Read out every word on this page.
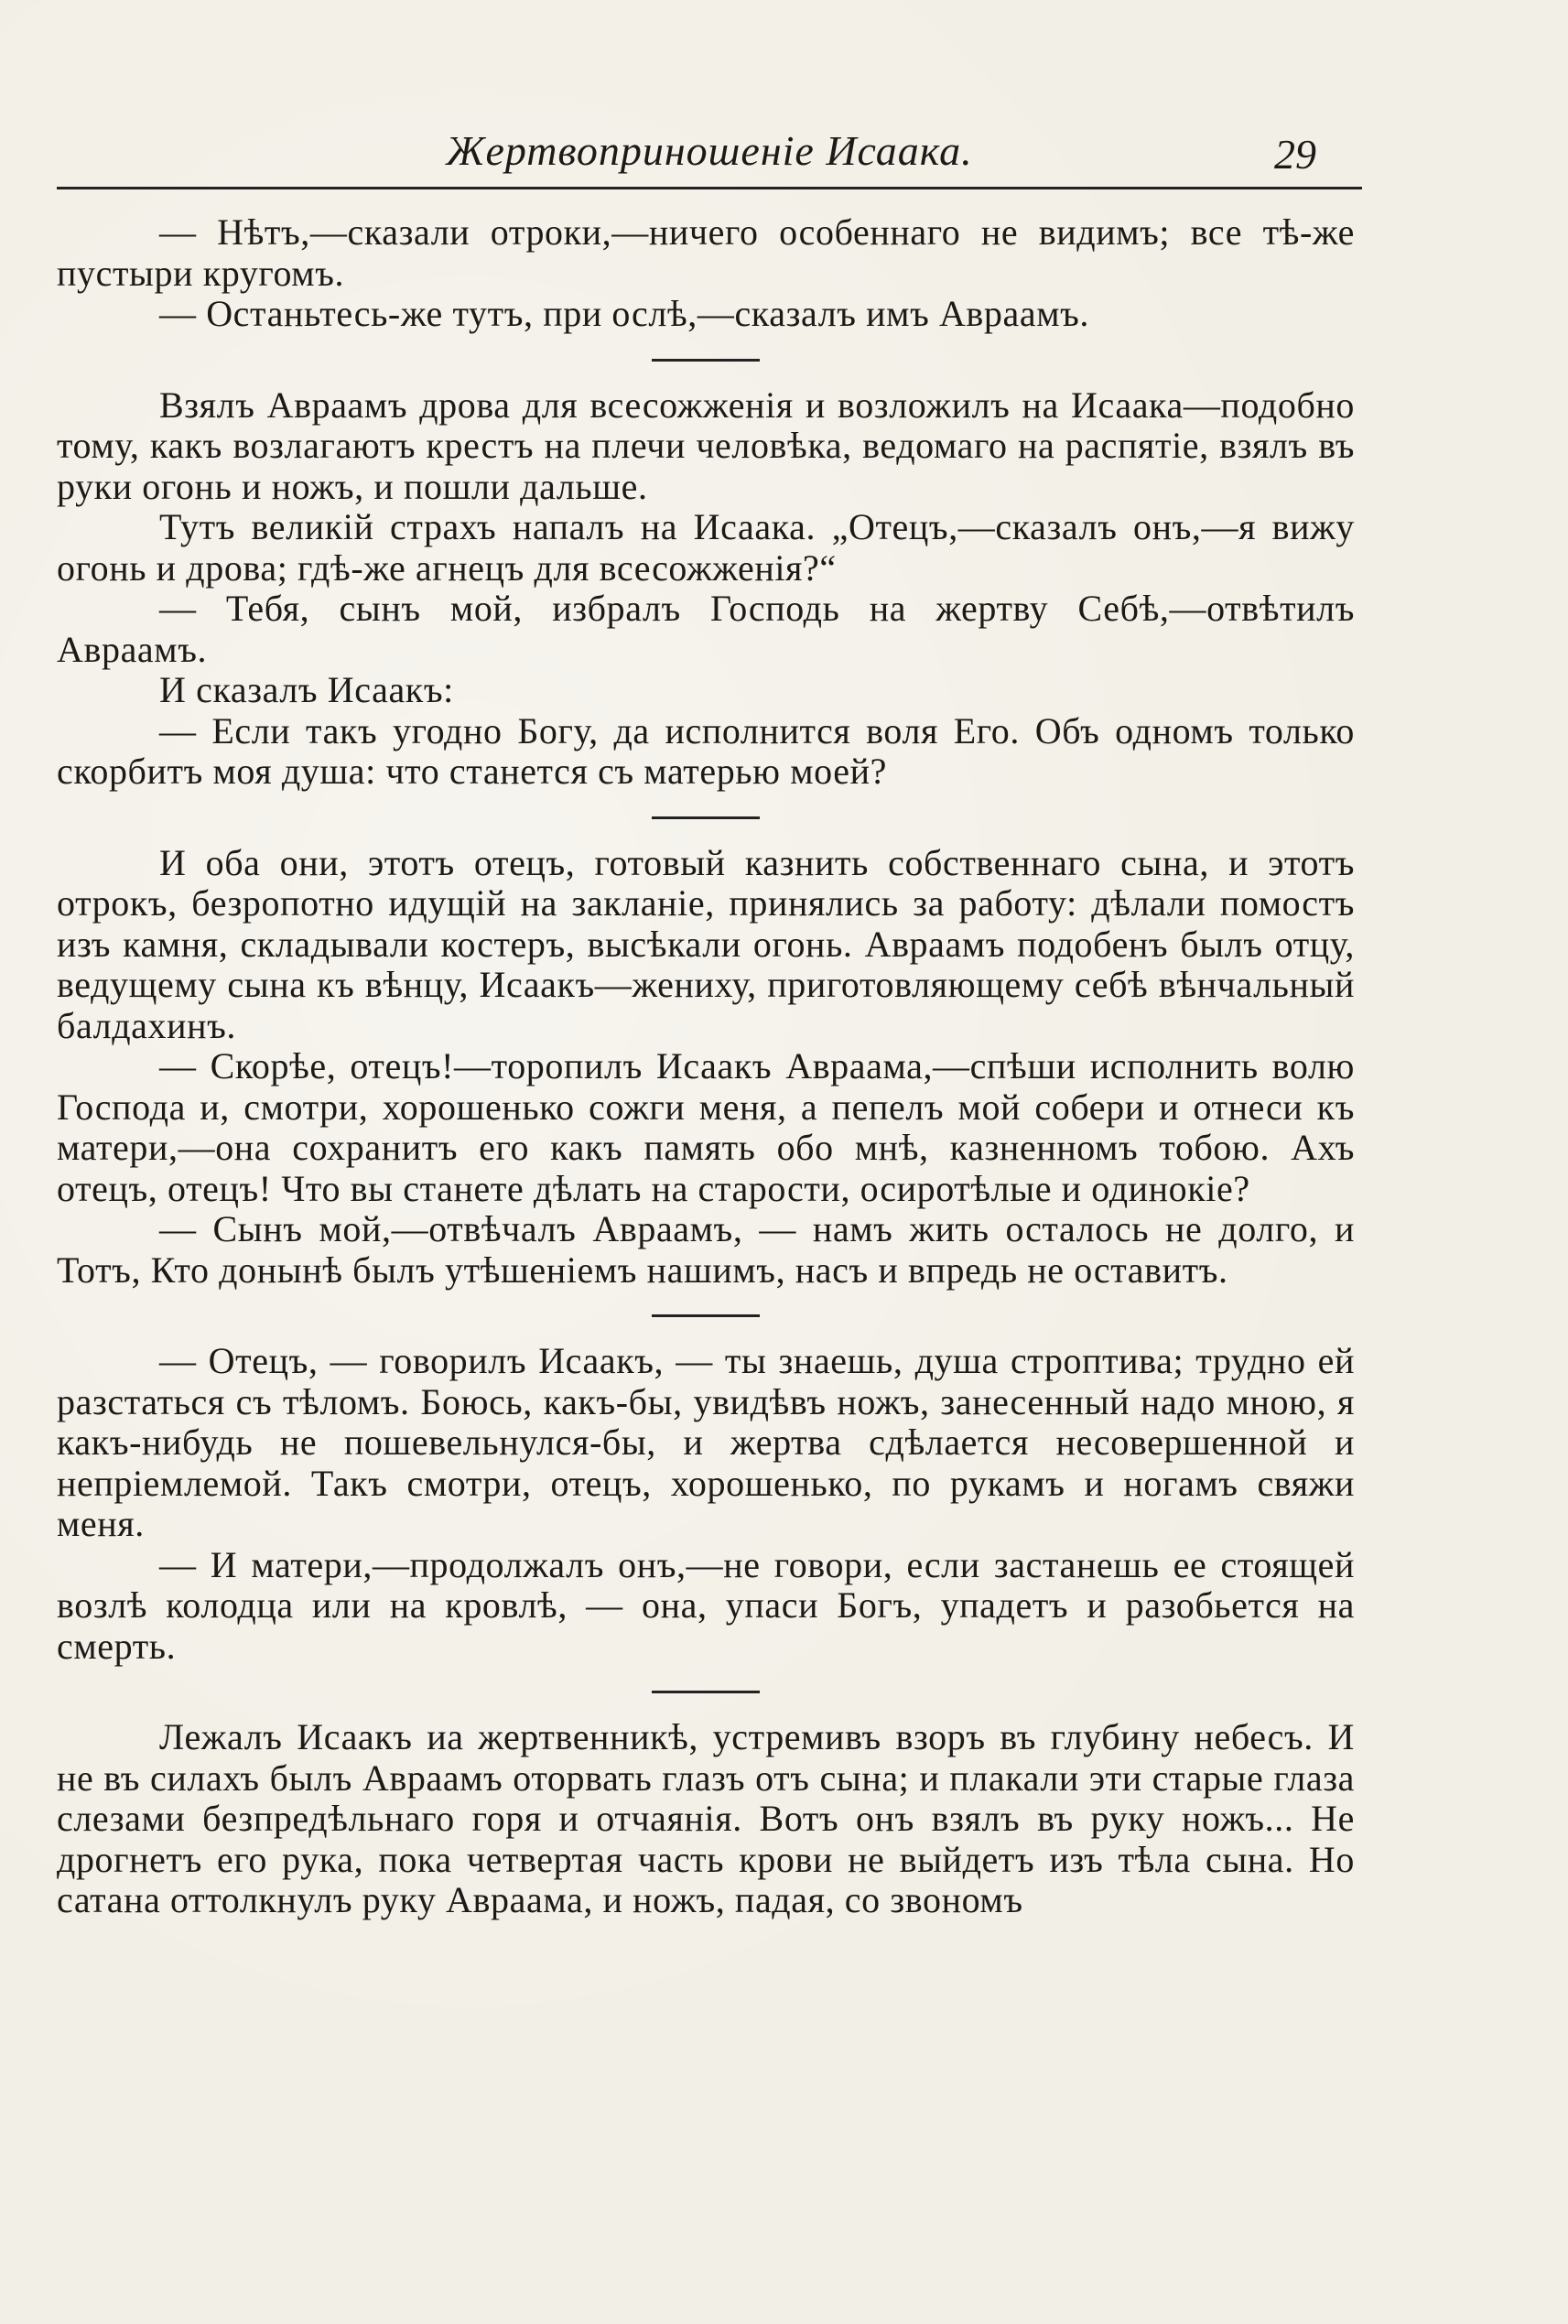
Жертвоприношеніе Исаака.	29

— Нѣтъ,—сказали отроки,—ничего особеннаго не видимъ; все тѣ-же пустыри кругомъ.

— Останьтесь-же тутъ, при ослѣ,—сказалъ имъ Авраамъ.

Взялъ Авраамъ дрова для всесожженія и возложилъ на Исаака—подобно тому, какъ возлагаютъ крестъ на плечи человѣка, ведомаго на распятіе, взялъ въ руки огонь и ножъ, и пошли дальше.

Тутъ великій страхъ напалъ на Исаака. „Отецъ,—сказалъ онъ,—я вижу огонь и дрова; гдѣ-же агнецъ для всесожженія?“

— Тебя, сынъ мой, избралъ Господь на жертву Себѣ,—отвѣтилъ Авраамъ.

И сказалъ Исаакъ:

— Если такъ угодно Богу, да исполнится воля Его. Объ одномъ только скорбитъ моя душа: что станется съ матерью моей?

И оба они, этотъ отецъ, готовый казнить собственнаго сына, и этотъ отрокъ, безропотно идущій на закланіе, принялись за работу: дѣлали помостъ изъ камня, складывали костеръ, высѣкали огонь. Авраамъ подобенъ былъ отцу, ведущему сына къ вѣнцу, Исаакъ—жениху, приготовляющему себѣ вѣнчальный балдахинъ.

— Скорѣе, отецъ!—торопилъ Исаакъ Авраама,—спѣши исполнить волю Господа и, смотри, хорошенько сожги меня, а пепелъ мой собери и отнеси къ матери,—она сохранитъ его какъ память обо мнѣ, казненномъ тобою. Ахъ отецъ, отецъ! Что вы станете дѣлать на старости, осиротѣлые и одинокіе?

— Сынъ мой,—отвѣчалъ Авраамъ, — намъ жить осталось не долго, и Тотъ, Кто донынѣ былъ утѣшеніемъ нашимъ, насъ и впредь не оставитъ.

— Отецъ, — говорилъ Исаакъ, — ты знаешь, душа строптива; трудно ей разстаться съ тѣломъ. Боюсь, какъ-бы, увидѣвъ ножъ, занесенный надо мною, я какъ-нибудь не пошевельнулся-бы, и жертва сдѣлается несовершенной и непріемлемой. Такъ смотри, отецъ, хорошенько, по рукамъ и ногамъ свяжи меня.

— И матери,—продолжалъ онъ,—не говори, если застанешь ее стоящей возлѣ колодца или на кровлѣ, — она, упаси Богъ, упадетъ и разобьется на смерть.

Лежалъ Исаакъ иа жертвенникѣ, устремивъ взоръ въ глубину небесъ. И не въ силахъ былъ Авраамъ оторвать глазъ отъ сына; и плакали эти старые глаза слезами безпредѣльнаго горя и отчаянія. Вотъ онъ взялъ въ руку ножъ... Не дрогнетъ его рука, пока четвертая часть крови не выйдетъ изъ тѣла сына. Но сатана оттолкнулъ руку Авраама, и ножъ, падая, со звономъ
